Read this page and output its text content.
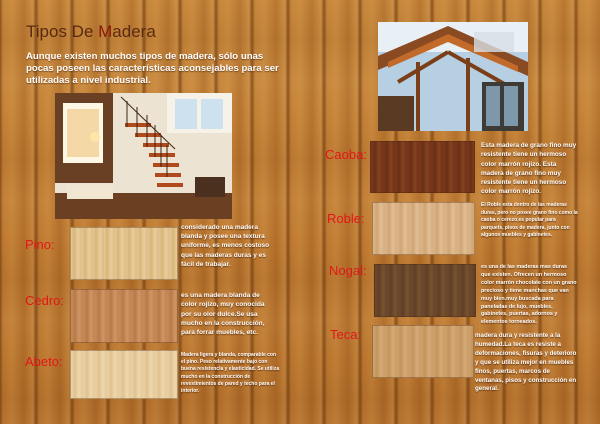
Tipos De Madera

Aunque existen muchos tipos de madera, sólo unas pocas poseen las características aconsejables para ser utilizadas a nivel industrial.

Pino:

considerado una madera blanda y posee una textura uniforme, es menos costoso que las maderas duras y es fácil de trabajar.

Cedro:	es una madera blanda de color rojizo, muy conocida por su olor dulce.Se usa mucho en la construcción, para forrar muebles, etc.

Abeto:	Madera ligera y blanda, comparable con el pino. Peso relativamente bajo con buena resistencia y elasticidad. Se utiliza mucho en la construcción de revestimientos de pared y techo para el interior.

Caoba:

Esta madera de grano fino muy resistente tiene un hermoso color marrón rojizo. Esta madera de grano fino muy resistente tiene un hermoso color marrón rojizo.

Roble:

El Roble esta dentro de las maderas duras, pero no posee grano fino como la caoba o cerezo.es popular para parquets, pisos de madera, junto con algunos muebles y gabinetes.

Nogal:	es una de las maderas mas duras que existen. Ofrecen un hermoso color marrón chocolate con un grano precioso y tiene manchas que van muy bien.muy buscada para paneladas de lujo, muebles, gabinetes, puertas, adornos y elementos torneados.

Teca:	madera dura y resistente a la humedad.La teca es resiste a deformaciones, fisuras y deterioro y que se utiliza mejor en muebles finos, puertas, marcos de ventanas, pisos y construcción en general.
